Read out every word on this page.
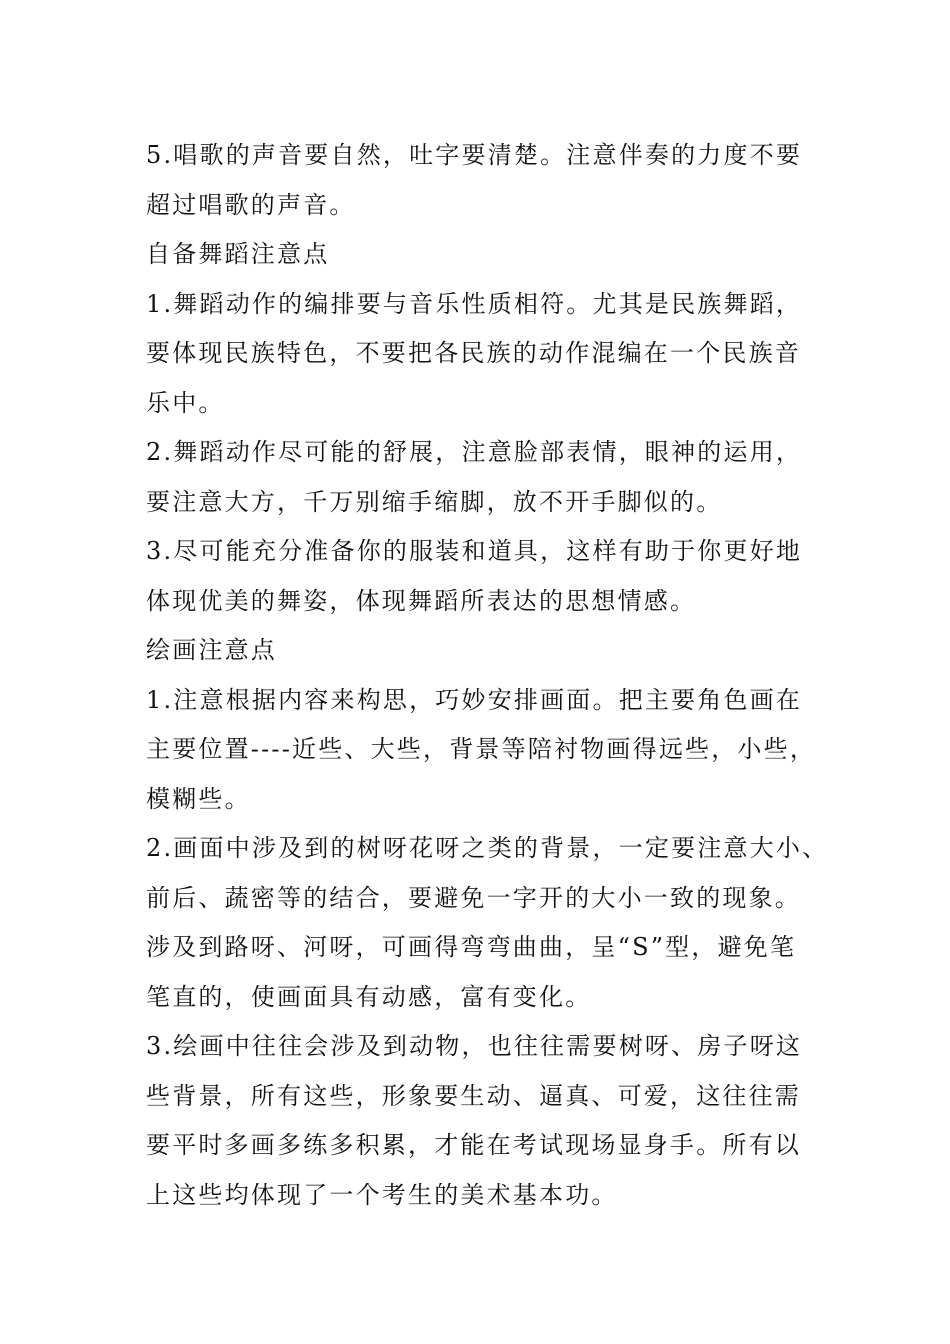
5.唱歌的声音要自然，吐字要清楚。注意伴奏的力度不要
超过唱歌的声音。
自备舞蹈注意点
1.舞蹈动作的编排要与音乐性质相符。尤其是民族舞蹈，
要体现民族特色，不要把各民族的动作混编在一个民族音
乐中。
2.舞蹈动作尽可能的舒展，注意脸部表情，眼神的运用，
要注意大方，千万别缩手缩脚，放不开手脚似的。
3.尽可能充分准备你的服装和道具，这样有助于你更好地
体现优美的舞姿，体现舞蹈所表达的思想情感。
绘画注意点
1.注意根据内容来构思，巧妙安排画面。把主要角色画在
主要位置----近些、大些，背景等陪衬物画得远些，小些，
模糊些。
2.画面中涉及到的树呀花呀之类的背景，一定要注意大小、
前后、蔬密等的结合，要避免一字开的大小一致的现象。
涉及到路呀、河呀，可画得弯弯曲曲，呈“S”型，避免笔
笔直的，使画面具有动感，富有变化。
3.绘画中往往会涉及到动物，也往往需要树呀、房子呀这
些背景，所有这些，形象要生动、逼真、可爱，这往往需
要平时多画多练多积累，才能在考试现场显身手。所有以
上这些均体现了一个考生的美术基本功。
